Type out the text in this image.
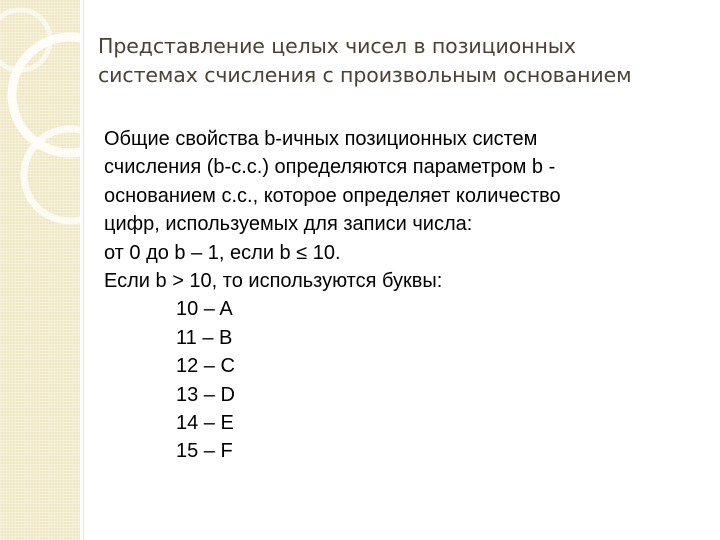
Представление целых чисел в позиционных
системах счисления с произвольным основанием
Общие свойства b-ичных позиционных систем
счисления (b-с.с.) определяются параметром b -
основанием с.с., которое определяет количество
цифр, используемых для записи числа:
от 0 до b – 1, если b ≤ 10.
Если b > 10, то используются буквы:
10 – A
11 – B
12 – C
13 – D
14 – E
15 – F
